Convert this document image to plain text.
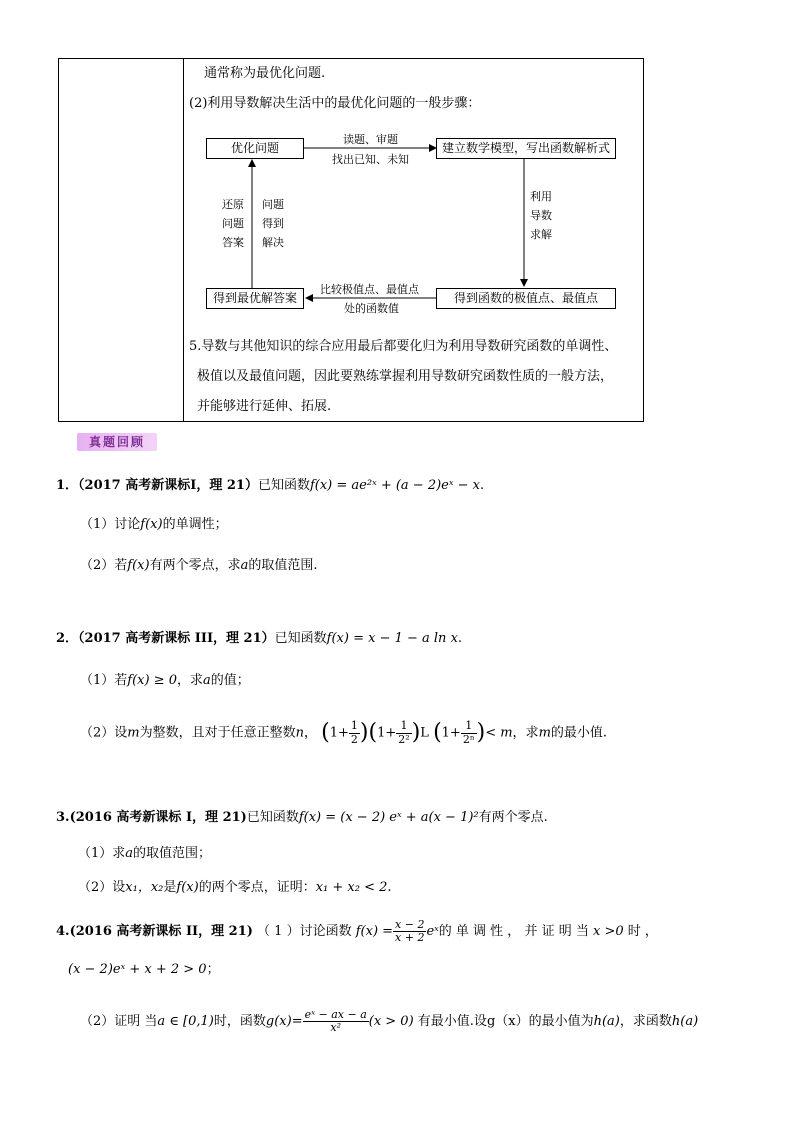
通常称为最优化问题.
(2)利用导数解决生活中的最优化问题的一般步骤：
优化问题	建立数学模型，写出函数解析式
得到最优解答案	得到函数的极值点、最值点
读题、审题
找出已知、未知
利用
导数
求解
比较极值点、最值点
处的函数值
还原
问题
答案
问题
得到
解决
5.导数与其他知识的综合应用最后都要化归为利用导数研究函数的单调性、
极值以及最值问题，因此要熟练掌握利用导数研究函数性质的一般方法，
并能够进行延伸、拓展.
真题回顾
1．（2017 高考新课标Ⅰ，理 21）已知函数f(x) = ae²ˣ + (a − 2)eˣ − x.
（1）讨论f(x)的单调性；
（2）若f(x)有两个零点，求a的取值范围.
2．（2017 高考新课标 III，理 21）已知函数f(x) = x − 1 − a ln x.
（1）若f(x) ≥ 0，求a的值；
（2）设m为整数，且对于任意正整数n， $(1+ \frac{1}{2} )(1+ \frac{1}{\text{2²}} )L$ ($1+ \frac{1}{\text{2ⁿ}}$ )< m，求m的最小值.
3.(2016 高考新课标 I，理 21)已知函数f(x) = (x − 2) eˣ + a(x − 1)²有两个零点.
（1）求a的取值范围；
（2）设x₁，x₂是f(x)的两个零点，证明：x₁ + x₂ < 2.
4.(2016 高考新课标 II，理 21) （ 1 ）讨论函数 $f(x) = \frac{x - 2}{x + 2}$ eˣ的 单 调 性 ， 并 证 明 当 x >0 时 ，
(x − 2)eˣ + x + 2 > 0；
（2）证明 当a ∈ [0,1)时，函数$g(x)= \frac{\text{eˣ − ax − a}}{\text{x²}} (x > 0)$ 有最小值.设g（x）的最小值为h(a)，求函数h(a)
